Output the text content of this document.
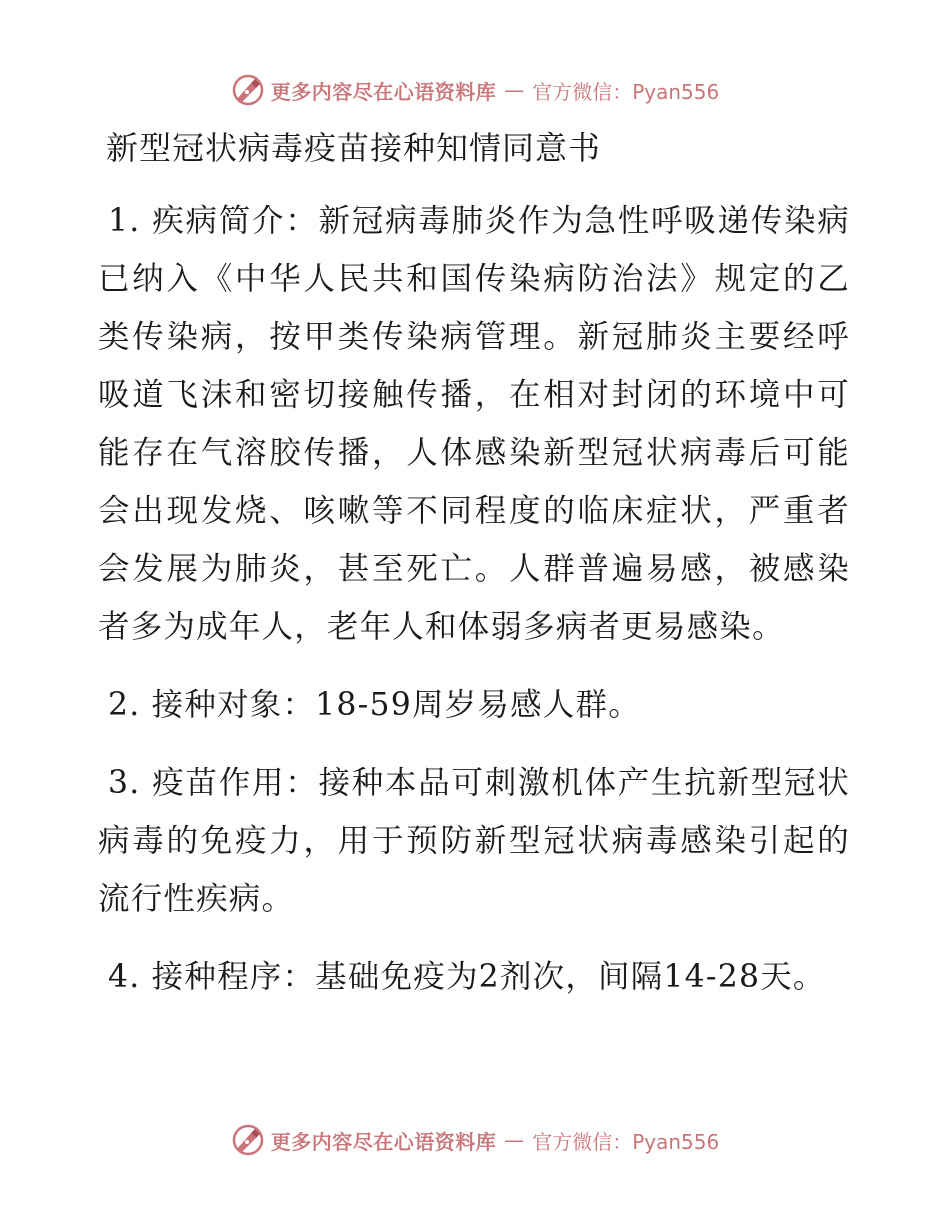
更多内容尽在心语资料库 — 官方微信：Pyan556
新型冠状病毒疫苗接种知情同意书

1. 疾病简介：新冠病毒肺炎作为急性呼吸递传染病已纳入《中华人民共和国传染病防治法》规定的乙类传染病，按甲类传染病管理。新冠肺炎主要经呼吸道飞沫和密切接触传播，在相对封闭的环境中可能存在气溶胶传播，人体感染新型冠状病毒后可能会出现发烧、咳嗽等不同程度的临床症状，严重者会发展为肺炎，甚至死亡。人群普遍易感，被感染者多为成年人，老年人和体弱多病者更易感染。

2. 接种对象：18-59周岁易感人群。

3. 疫苗作用：接种本品可刺激机体产生抗新型冠状病毒的免疫力，用于预防新型冠状病毒感染引起的流行性疾病。

4. 接种程序：基础免疫为2剂次，间隔14-28天。

更多内容尽在心语资料库 — 官方微信：Pyan556
